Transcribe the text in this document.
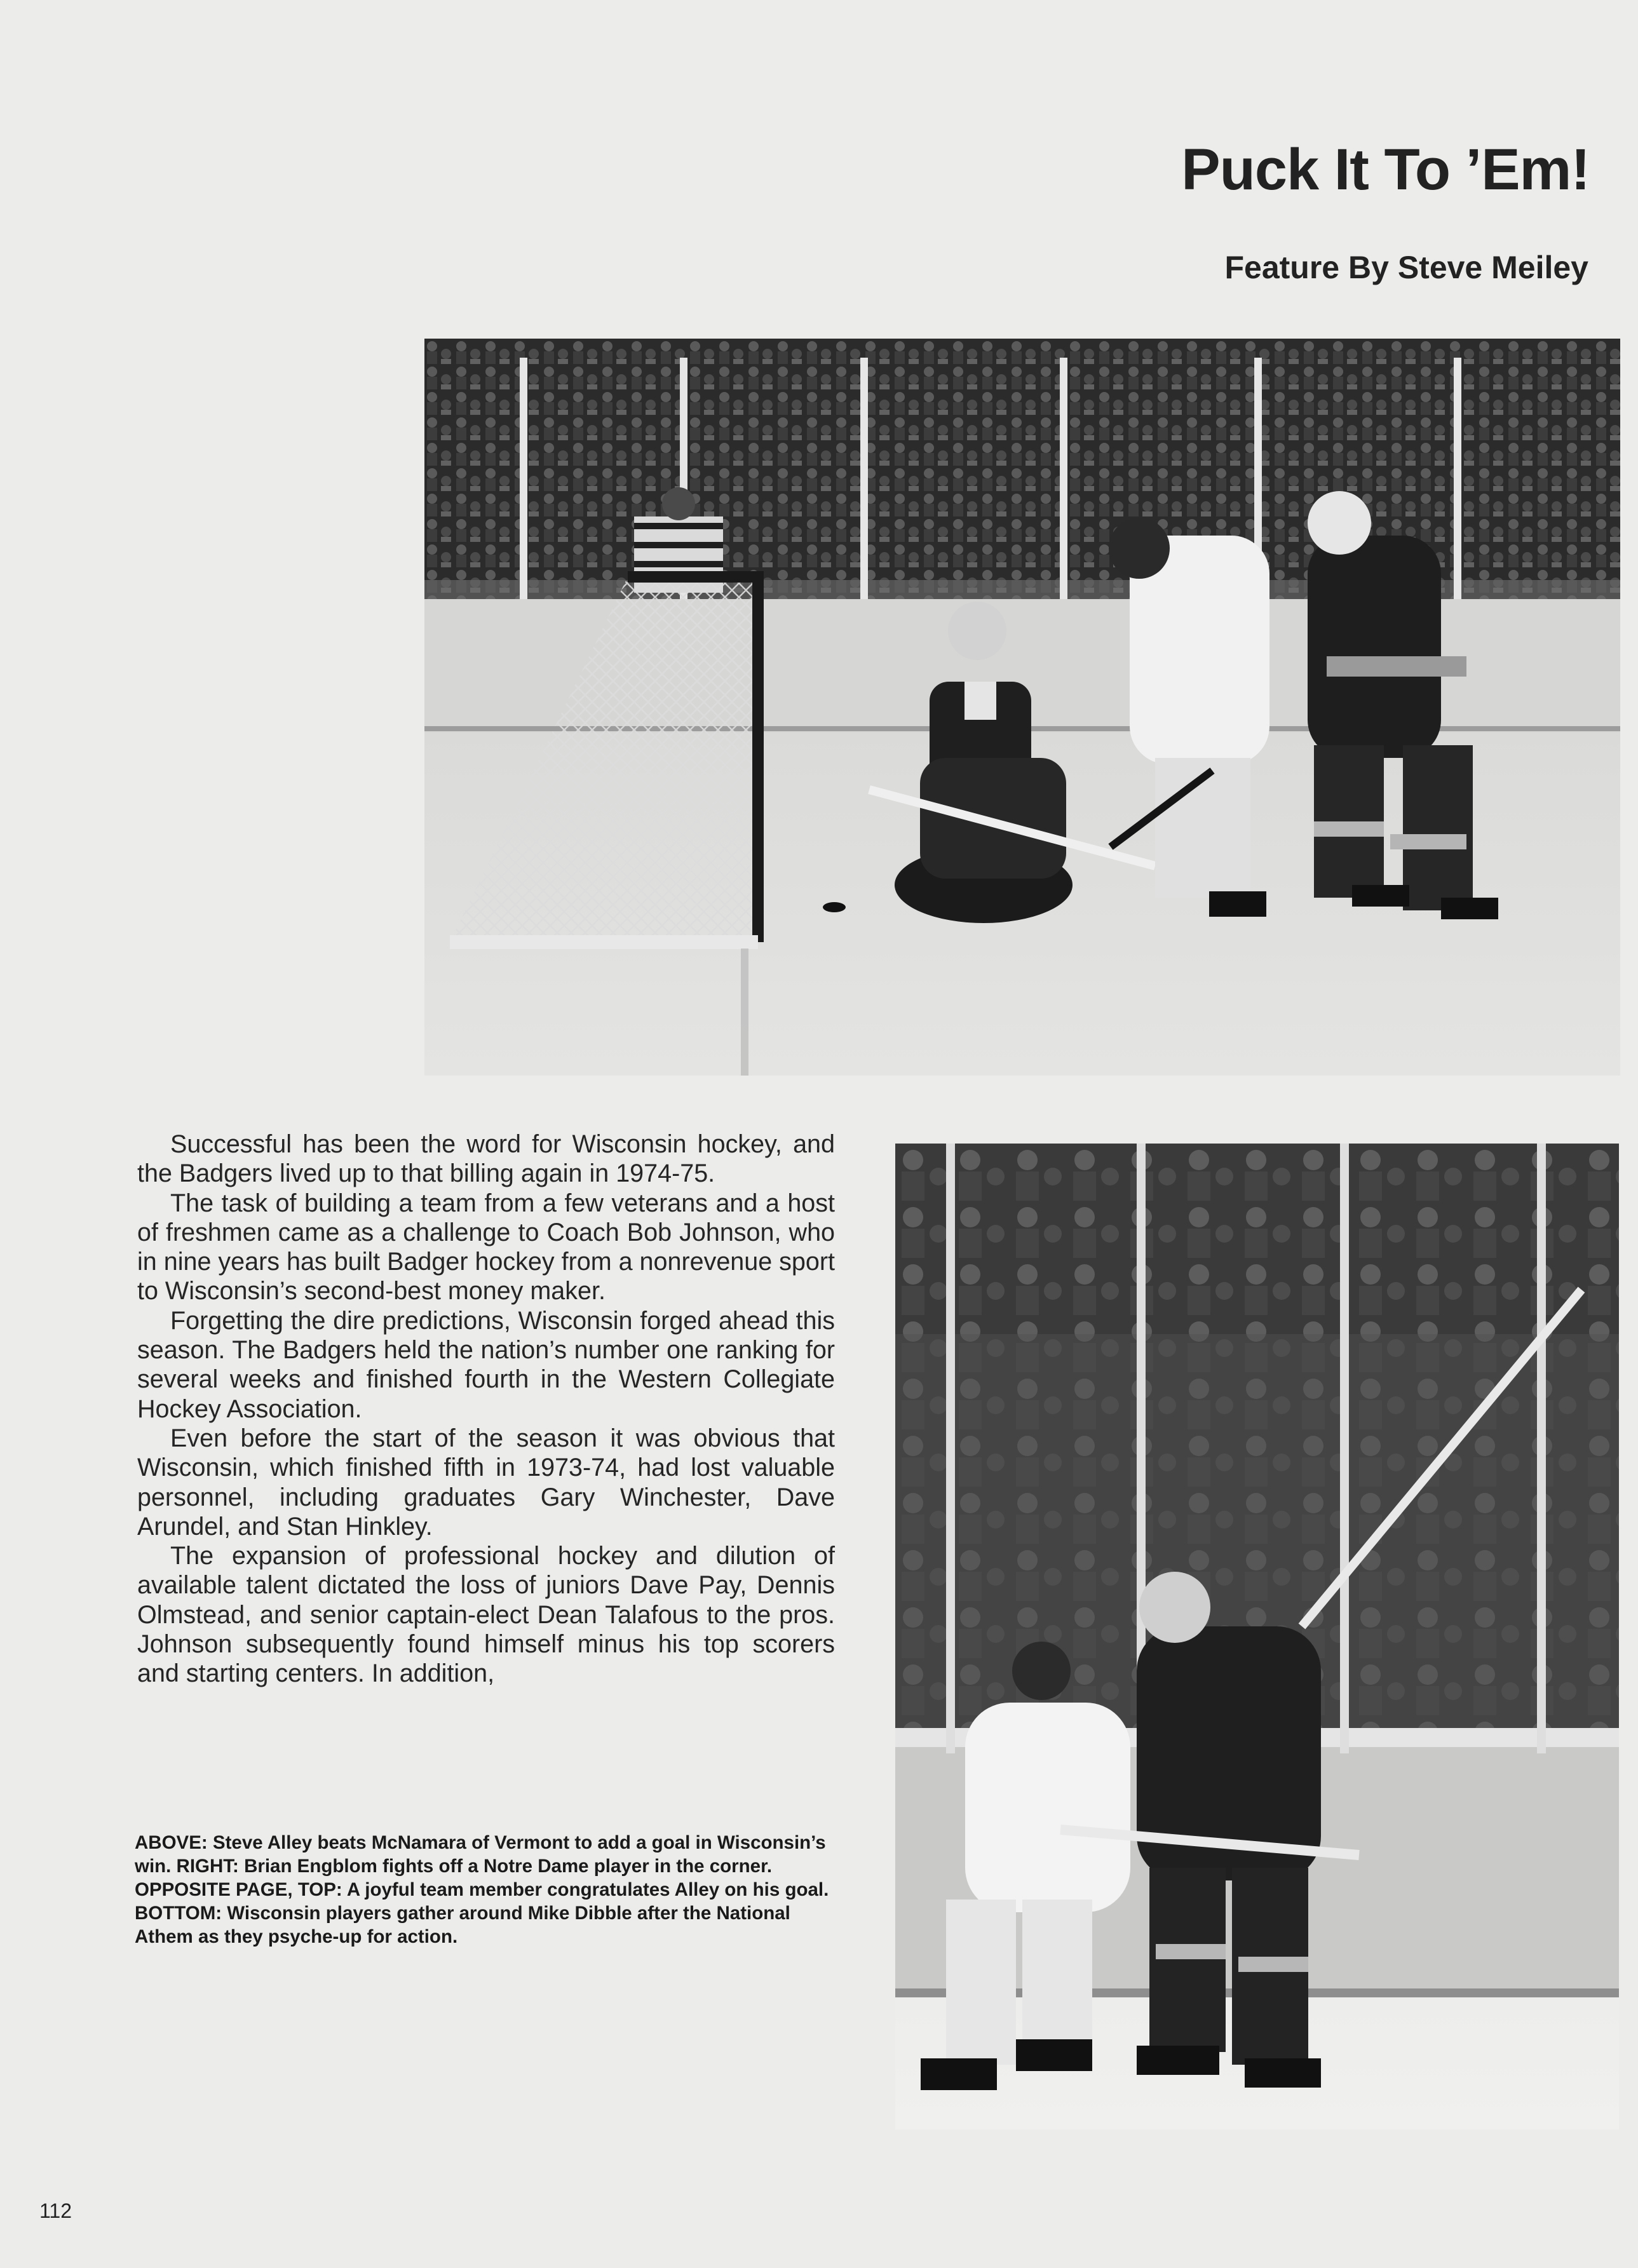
Puck It To ’Em!
Feature By Steve Meiley

Successful has been the word for Wisconsin hockey, and the Badgers lived up to that billing again in 1974-75.

The task of building a team from a few veterans and a host of freshmen came as a challenge to Coach Bob Johnson, who in nine years has built Badger hockey from a nonrevenue sport to Wisconsin’s second-best money maker.

Forgetting the dire predictions, Wisconsin forged ahead this season. The Badgers held the nation’s number one ranking for several weeks and finished fourth in the Western Collegiate Hockey Association.

Even before the start of the season it was obvious that Wisconsin, which finished fifth in 1973-74, had lost valuable personnel, including graduates Gary Winchester, Dave Arundel, and Stan Hinkley.

The expansion of professional hockey and dilution of available talent dictated the loss of juniors Dave Pay, Dennis Olmstead, and senior captain-elect Dean Talafous to the pros. Johnson subsequently found himself minus his top scorers and starting centers. In addition,

ABOVE: Steve Alley beats McNamara of Vermont to add a goal in Wisconsin’s win. RIGHT: Brian Engblom fights off a Notre Dame player in the corner. OPPOSITE PAGE, TOP: A joyful team member congratulates Alley on his goal. BOTTOM: Wisconsin players gather around Mike Dibble after the National Athem as they psyche-up for action.
112
